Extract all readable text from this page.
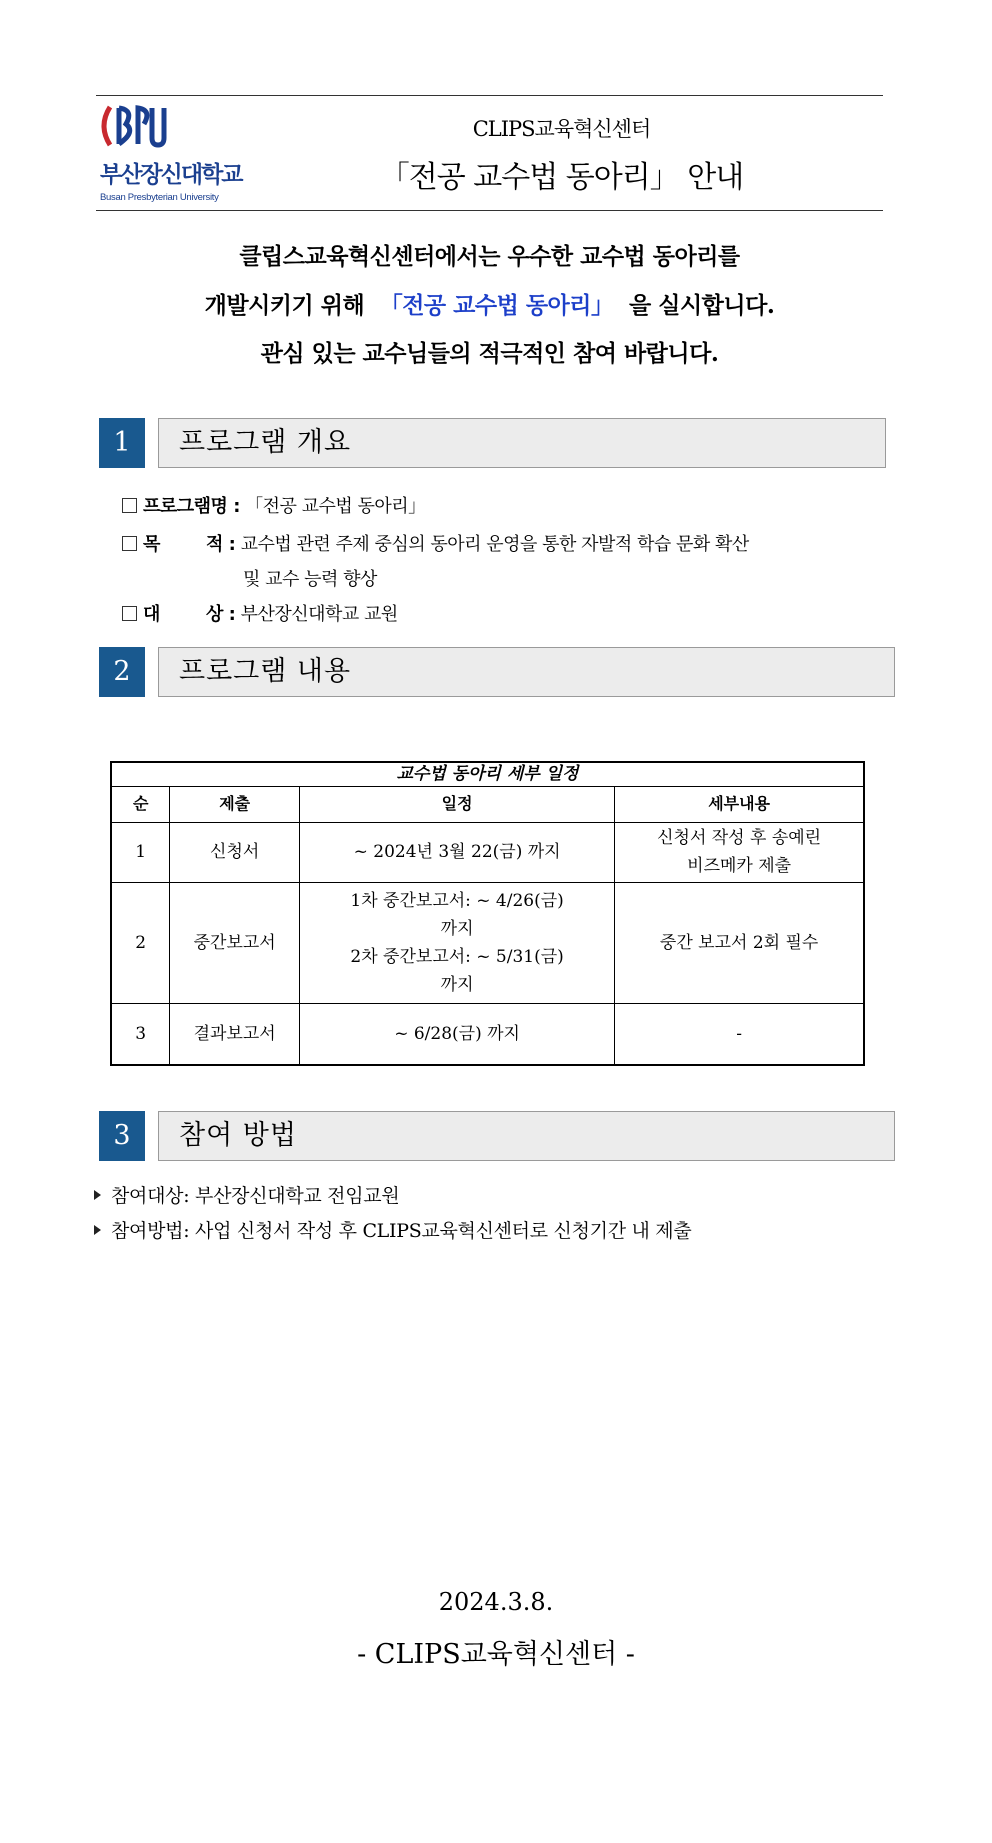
부산장신대학교
Busan Presbyterian University
CLIPS교육혁신센터
「전공 교수법 동아리」 안내
클립스교육혁신센터에서는 우수한 교수법 동아리를
개발시키기 위해 「전공 교수법 동아리」 을 실시합니다.
관심 있는 교수님들의 적극적인 참여 바랍니다.
1	프로그램 개요
프로그램명 : 「전공 교수법 동아리」
목        적 : 교수법 관련 주제 중심의 동아리 운영을 통한 자발적 학습 문화 확산
및 교수 능력 향상
대        상 : 부산장신대학교 교원
2	프로그램 내용
교수법 동아리 세부 일정			
순	제출	일정	세부내용
1	신청서	~ 2024년 3월 22(금) 까지	신청서 작성 후 송예린
비즈메카 제출

2	중간보고서	1차 중간보고서: ~ 4/26(금)
까지
2차 중간보고서: ~ 5/31(금)
까지	중간 보고서 2회 필수

3	결과보고서	~ 6/28(금) 까지	-
3	참여 방법
참여대상: 부산장신대학교 전임교원
참여방법: 사업 신청서 작성 후 CLIPS교육혁신센터로 신청기간 내 제출
2024.3.8.
- CLIPS교육혁신센터 -
